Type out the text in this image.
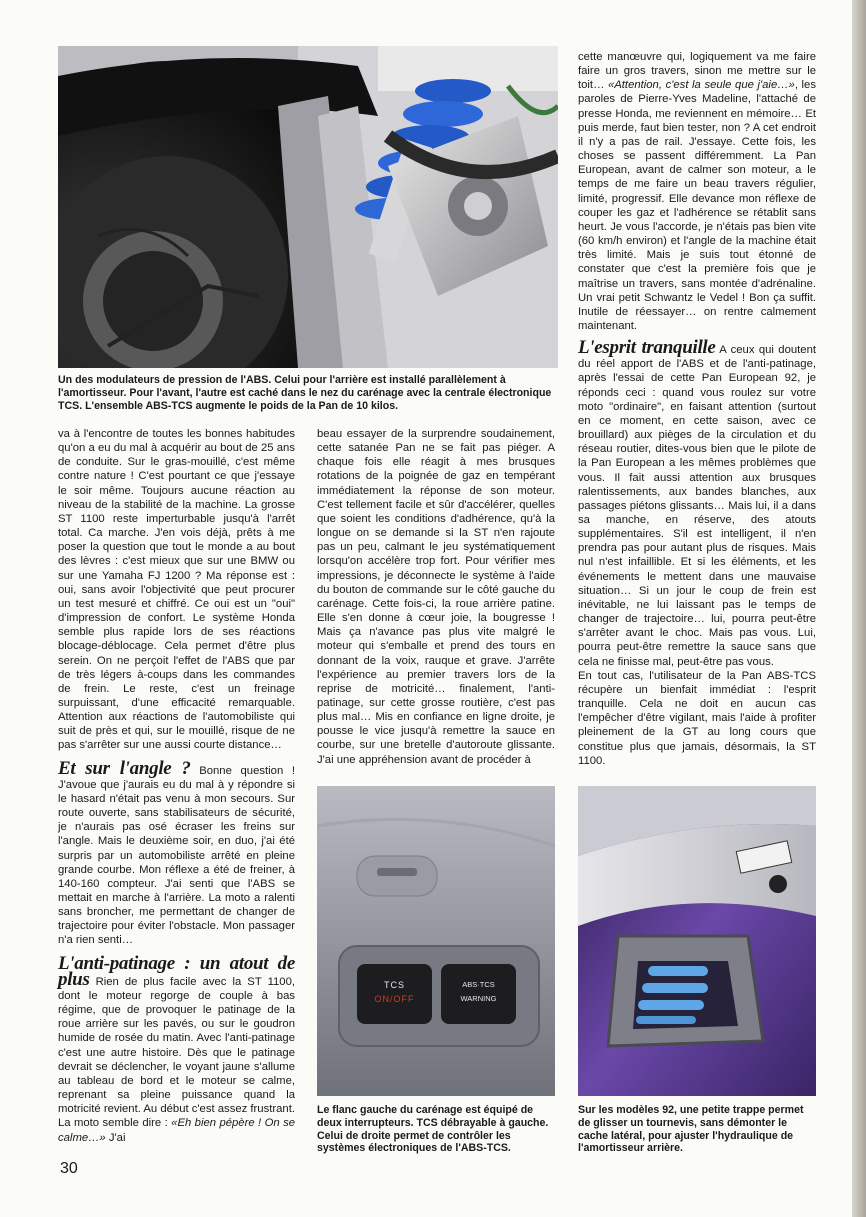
Un des modulateurs de pression de l'ABS. Celui pour l'arrière est installé parallèlement à l'amortisseur. Pour l'avant, l'autre est caché dans le nez du carénage avec la centrale électronique TCS. L'ensemble ABS-TCS augmente le poids de la Pan de 10 kilos.

va à l'encontre de toutes les bonnes habitudes qu'on a eu du mal à acquérir au bout de 25 ans de conduite. Sur le gras-mouillé, c'est même contre nature ! C'est pourtant ce que j'essaye le soir même. Toujours aucune réaction au niveau de la stabilité de la machine. La grosse ST 1100 reste imperturbable jusqu'à l'arrêt total. Ca marche. J'en vois déjà, prêts à me poser la question que tout le monde a au bout des lèvres : c'est mieux que sur une BMW ou sur une Yamaha FJ 1200 ? Ma réponse est : oui, sans avoir l'objectivité que peut procurer un test mesuré et chiffré. Ce oui est un "oui" d'impression de confort. Le système Honda semble plus rapide lors de ses réactions blocage-déblocage. Cela permet d'être plus serein. On ne perçoit l'effet de l'ABS que par de très légers à-coups dans les commandes de frein. Le reste, c'est un freinage surpuissant, d'une efficacité remarquable. Attention aux réactions de l'automobiliste qui suit de près et qui, sur le mouillé, risque de ne pas s'arrêter sur une aussi courte distance…

Et sur l'angle ? Bonne question ! J'avoue que j'aurais eu du mal à y répondre si le hasard n'était pas venu à mon secours. Sur route ouverte, sans stabilisateurs de sécurité, je n'aurais pas osé écraser les freins sur l'angle. Mais le deuxième soir, en duo, j'ai été surpris par un automobiliste arrêté en pleine grande courbe. Mon réflexe a été de freiner, à 140-160 compteur. J'ai senti que l'ABS se mettait en marche à l'arrière. La moto a ralenti sans broncher, me permettant de changer de trajectoire pour éviter l'obstacle. Mon passager n'a rien senti…

L'anti-patinage : un atout de plus Rien de plus facile avec la ST 1100, dont le moteur regorge de couple à bas régime, que de provoquer le patinage de la roue arrière sur les pavés, ou sur le goudron humide de rosée du matin. Avec l'anti-patinage c'est une autre histoire. Dès que le patinage devrait se déclencher, le voyant jaune s'allume au tableau de bord et le moteur se calme, reprenant sa pleine puissance quand la motricité revient. Au début c'est assez frustrant. La moto semble dire : «Eh bien pépère ! On se calme…» J'ai

beau essayer de la surprendre soudainement, cette satanée Pan ne se fait pas piéger. A chaque fois elle réagit à mes brusques rotations de la poignée de gaz en tempérant immédiatement la réponse de son moteur. C'est tellement facile et sûr d'accélérer, quelles que soient les conditions d'adhérence, qu'à la longue on se demande si la ST n'en rajoute pas un peu, calmant le jeu systématiquement lorsqu'on accélère trop fort. Pour vérifier mes impressions, je déconnecte le système à l'aide du bouton de commande sur le côté gauche du carénage. Cette fois-ci, la roue arrière patine. Elle s'en donne à cœur joie, la bougresse ! Mais ça n'avance pas plus vite malgré le moteur qui s'emballe et prend des tours en donnant de la voix, rauque et grave. J'arrête l'expérience au premier travers lors de la reprise de motricité… finalement, l'anti-patinage, sur cette grosse routière, c'est pas plus mal… Mis en confiance en ligne droite, je pousse le vice jusqu'à remettre la sauce en courbe, sur une bretelle d'autoroute glissante. J'ai une appréhension avant de procéder à

cette manœuvre qui, logiquement va me faire faire un gros travers, sinon me mettre sur le toit… «Attention, c'est la seule que j'aie…», les paroles de Pierre-Yves Madeline, l'attaché de presse Honda, me reviennent en mémoire… Et puis merde, faut bien tester, non ? A cet endroit il n'y a pas de rail. J'essaye. Cette fois, les choses se passent différemment. La Pan European, avant de calmer son moteur, a le temps de me faire un beau travers régulier, limité, progressif. Elle devance mon réflexe de couper les gaz et l'adhérence se rétablit sans heurt. Je vous l'accorde, je n'étais pas bien vite (60 km/h environ) et l'angle de la machine était très limité. Mais je suis tout étonné de constater que c'est la première fois que je maîtrise un travers, sans montée d'adrénaline. Un vrai petit Schwantz le Vedel ! Bon ça suffit. Inutile de réessayer… on rentre calmement maintenant.

L'esprit tranquille A ceux qui doutent du réel apport de l'ABS et de l'anti-patinage, après l'essai de cette Pan European 92, je réponds ceci : quand vous roulez sur votre moto "ordinaire", en faisant attention (surtout en ce moment, en cette saison, avec ce brouillard) aux pièges de la circulation et du réseau routier, dites-vous bien que le pilote de la Pan European a les mêmes problèmes que vous. Il fait aussi attention aux brusques ralentissements, aux bandes blanches, aux passages piétons glissants… Mais lui, il a dans sa manche, en réserve, des atouts supplémentaires. S'il est intelligent, il n'en prendra pas pour autant plus de risques. Mais nul n'est infaillible. Et si les éléments, et les événements le mettent dans une mauvaise situation… Si un jour le coup de frein est inévitable, ne lui laissant pas le temps de changer de trajectoire… lui, pourra peut-être s'arrêter avant le choc. Mais pas vous. Lui, pourra peut-être remettre la sauce sans que cela ne finisse mal, peut-être pas vous.

En tout cas, l'utilisateur de la Pan ABS-TCS récupère un bienfait immédiat : l'esprit tranquille. Cela ne doit en aucun cas l'empêcher d'être vigilant, mais l'aide à profiter pleinement de la GT au long cours que constitue plus que jamais, désormais, la ST 1100.

TCS
ON/OFF
ABS·TCS
WARNING
Le flanc gauche du carénage est équipé de deux interrupteurs. TCS débrayable à gauche. Celui de droite permet de contrôler les systèmes électroniques de l'ABS-TCS.
Sur les modèles 92, une petite trappe permet de glisser un tournevis, sans démonter le cache latéral, pour ajuster l'hydraulique de l'amortisseur arrière.
30
